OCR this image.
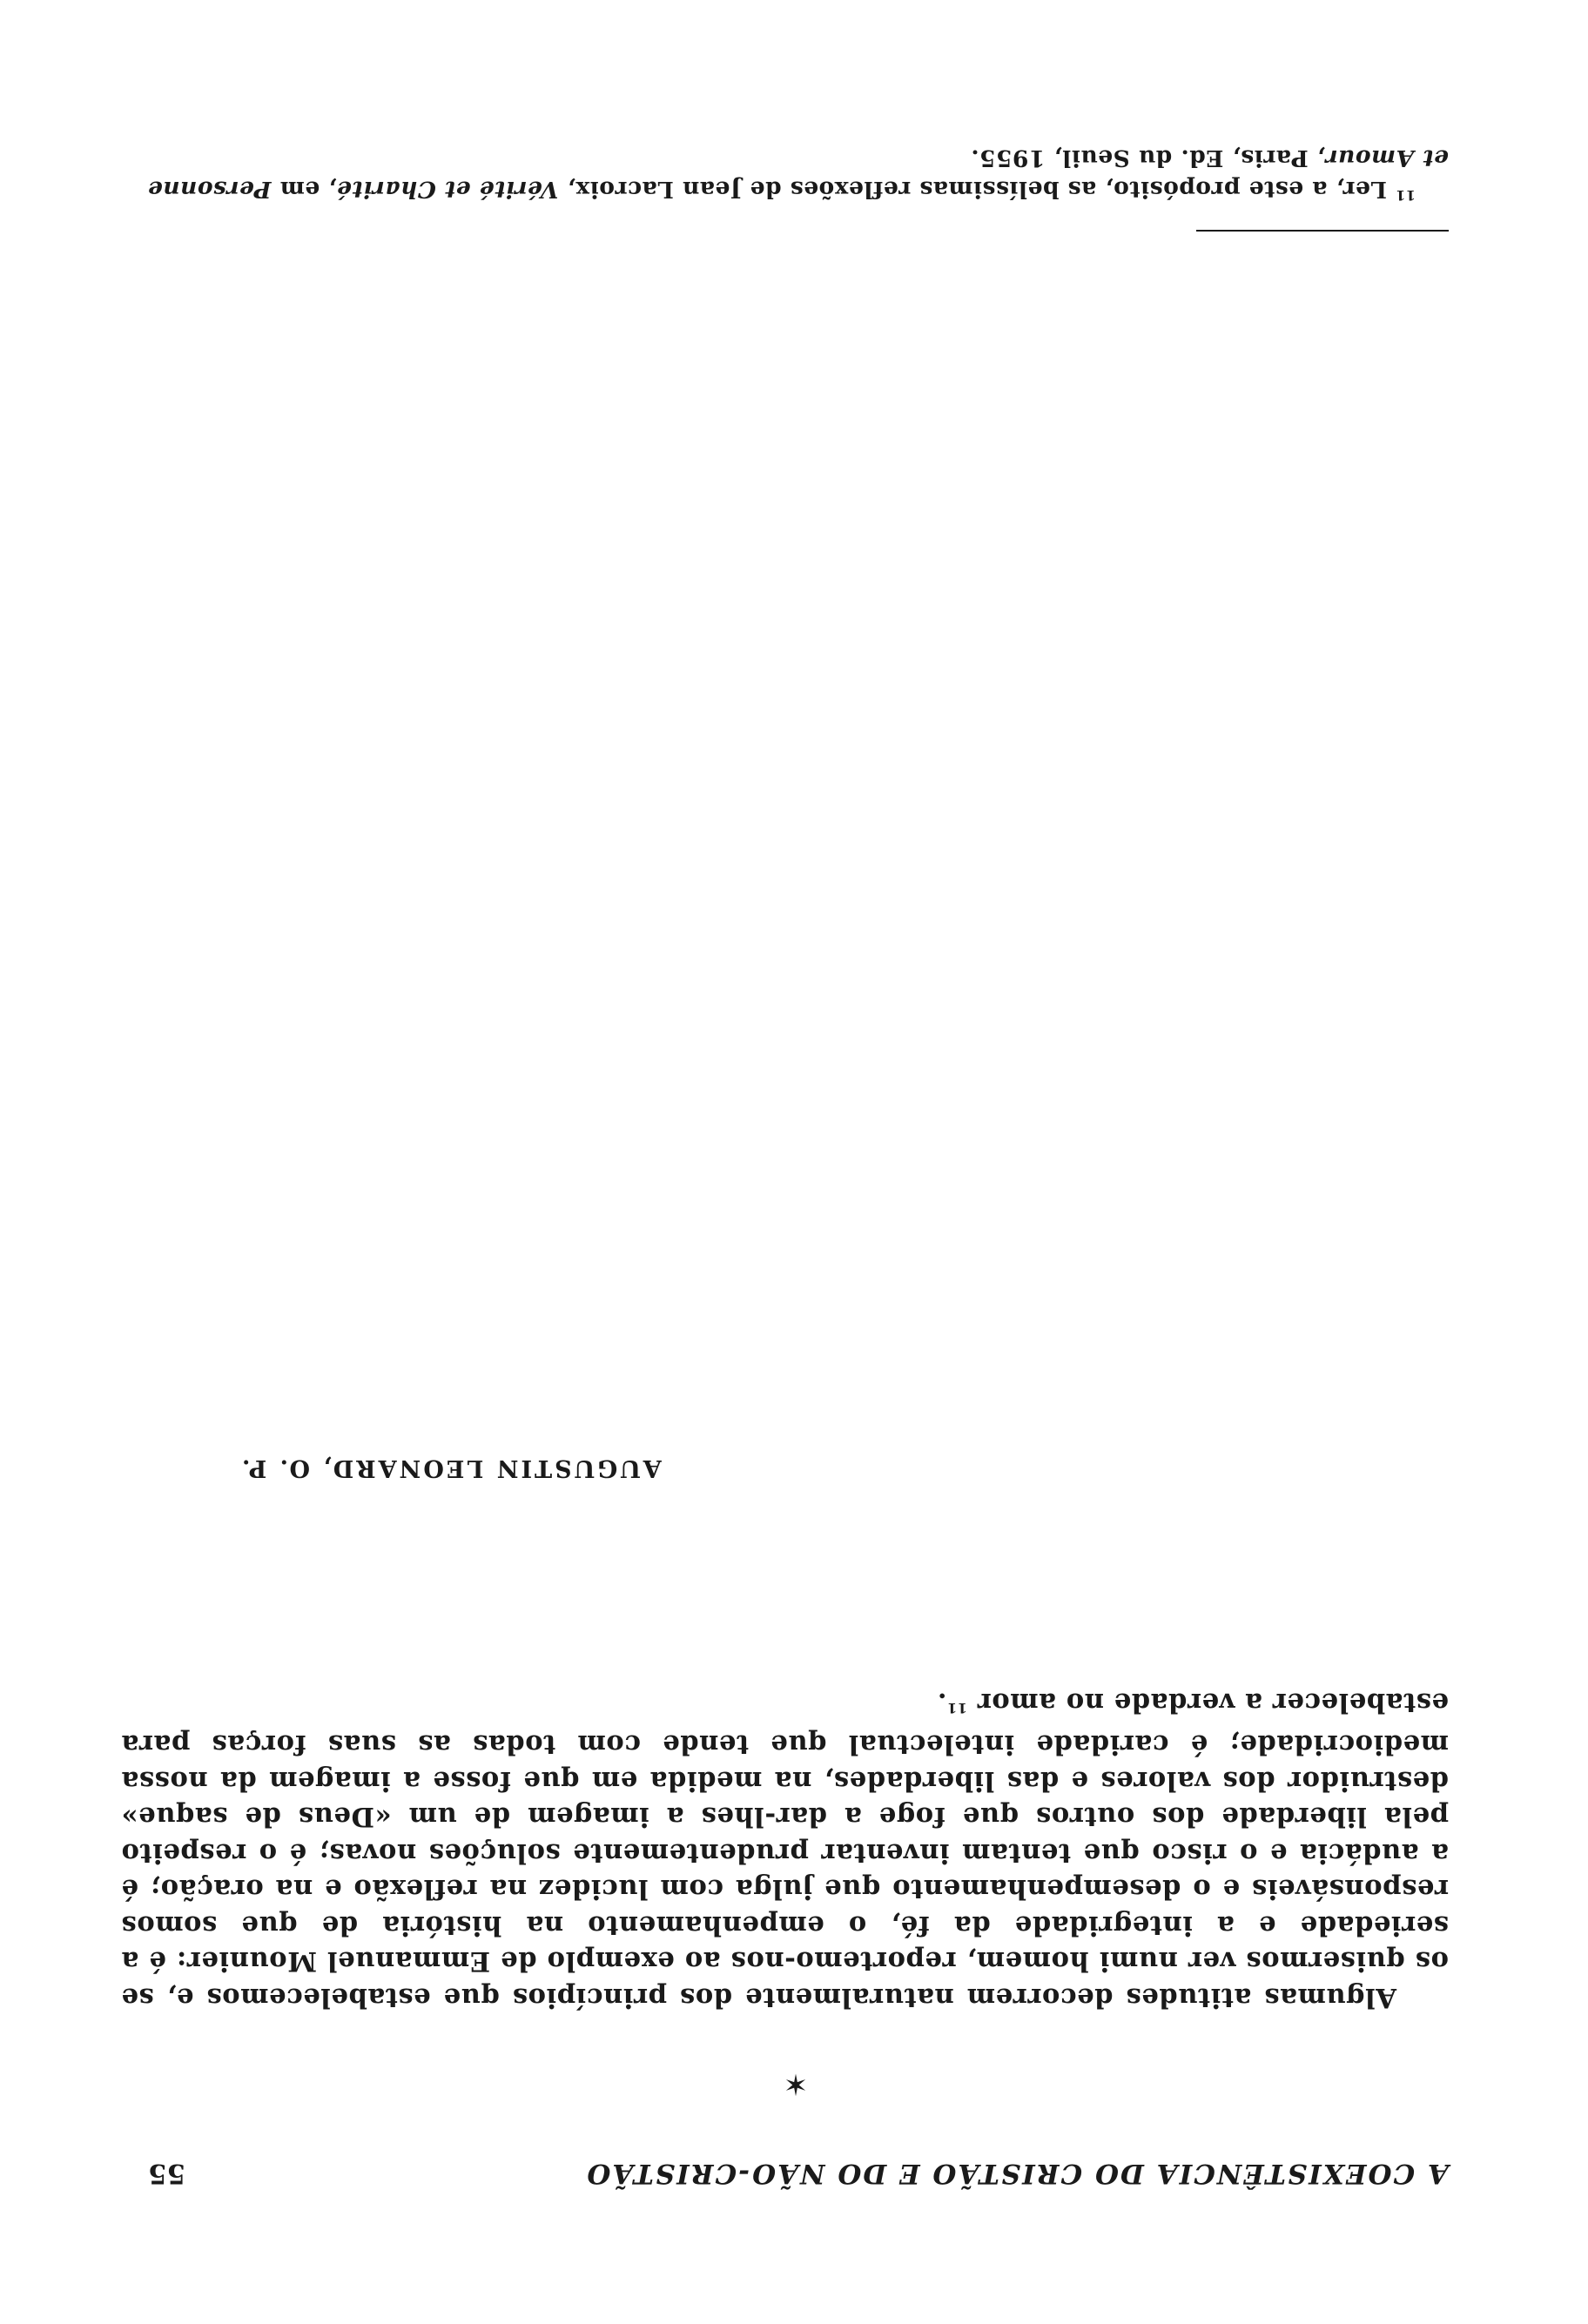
A COEXISTÊNCIA DO CRISTÃO E DO NÃO-CRISTÃO
55
✶

Algumas atitudes decorrem naturalmente dos princípios que estabelecemos e, se os quisermos ver numi homem, reportemo-nos ao exemplo de Emmanuel Mounier: é a seriedade e a integridade da fé, o empenhamento na história de que somos responsáveis e o desempenhamento que julga com lucidez na reflexão e na oração; é a audácia e o risco que tentam inventar prudentemente soluções novas; é o respeito pela liberdade dos outros que foge a dar-lhes a imagem de um «Deus de saque» destruidor dos valores e das liberdades, na medida em que fosse a imagem da nossa mediocridade; é caridade intelectual que tende com todas as suas forças para estabelecer a verdade no amor $^{11}$.

AUGUSTIN LEONARD, O. P.
$^{11}$ Ler, a este propósito, as belíssimas reflexões de Jean Lacroix, Vérité et Charité, em Personne et Amour, Paris, Ed. du Seuil, 1955.
